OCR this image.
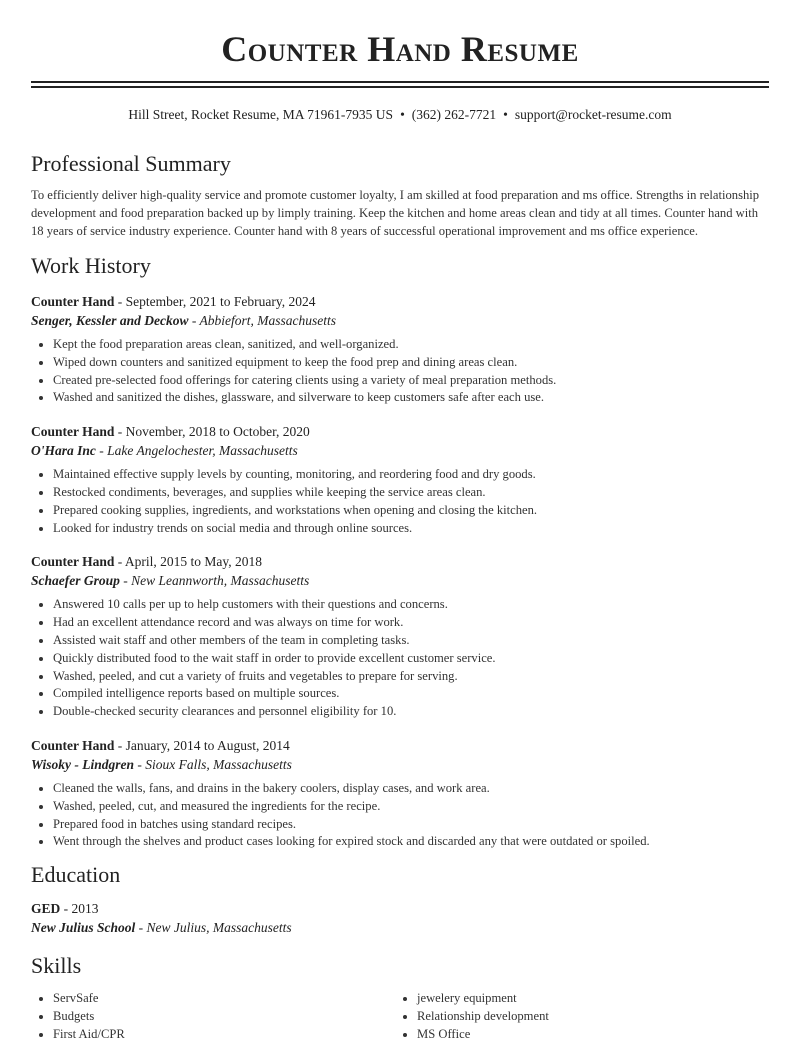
Counter Hand Resume
Hill Street, Rocket Resume, MA 71961-7935 US • (362) 262-7721 • support@rocket-resume.com
Professional Summary
To efficiently deliver high-quality service and promote customer loyalty, I am skilled at food preparation and ms office. Strengths in relationship development and food preparation backed up by limply training. Keep the kitchen and home areas clean and tidy at all times. Counter hand with 18 years of service industry experience. Counter hand with 8 years of successful operational improvement and ms office experience.
Work History
Counter Hand - September, 2021 to February, 2024
Senger, Kessler and Deckow - Abbiefort, Massachusetts
• Kept the food preparation areas clean, sanitized, and well-organized.
• Wiped down counters and sanitized equipment to keep the food prep and dining areas clean.
• Created pre-selected food offerings for catering clients using a variety of meal preparation methods.
• Washed and sanitized the dishes, glassware, and silverware to keep customers safe after each use.
Counter Hand - November, 2018 to October, 2020
O'Hara Inc - Lake Angelochester, Massachusetts
• Maintained effective supply levels by counting, monitoring, and reordering food and dry goods.
• Restocked condiments, beverages, and supplies while keeping the service areas clean.
• Prepared cooking supplies, ingredients, and workstations when opening and closing the kitchen.
• Looked for industry trends on social media and through online sources.
Counter Hand - April, 2015 to May, 2018
Schaefer Group - New Leannworth, Massachusetts
• Answered 10 calls per up to help customers with their questions and concerns.
• Had an excellent attendance record and was always on time for work.
• Assisted wait staff and other members of the team in completing tasks.
• Quickly distributed food to the wait staff in order to provide excellent customer service.
• Washed, peeled, and cut a variety of fruits and vegetables to prepare for serving.
• Compiled intelligence reports based on multiple sources.
• Double-checked security clearances and personnel eligibility for 10.
Counter Hand - January, 2014 to August, 2014
Wisoky - Lindgren - Sioux Falls, Massachusetts
• Cleaned the walls, fans, and drains in the bakery coolers, display cases, and work area.
• Washed, peeled, cut, and measured the ingredients for the recipe.
• Prepared food in batches using standard recipes.
• Went through the shelves and product cases looking for expired stock and discarded any that were outdated or spoiled.
Education
GED - 2013
New Julius School - New Julius, Massachusetts
Skills
• ServSafe
• Budgets
• First Aid/CPR
• jewelery equipment
• Relationship development
• MS Office
